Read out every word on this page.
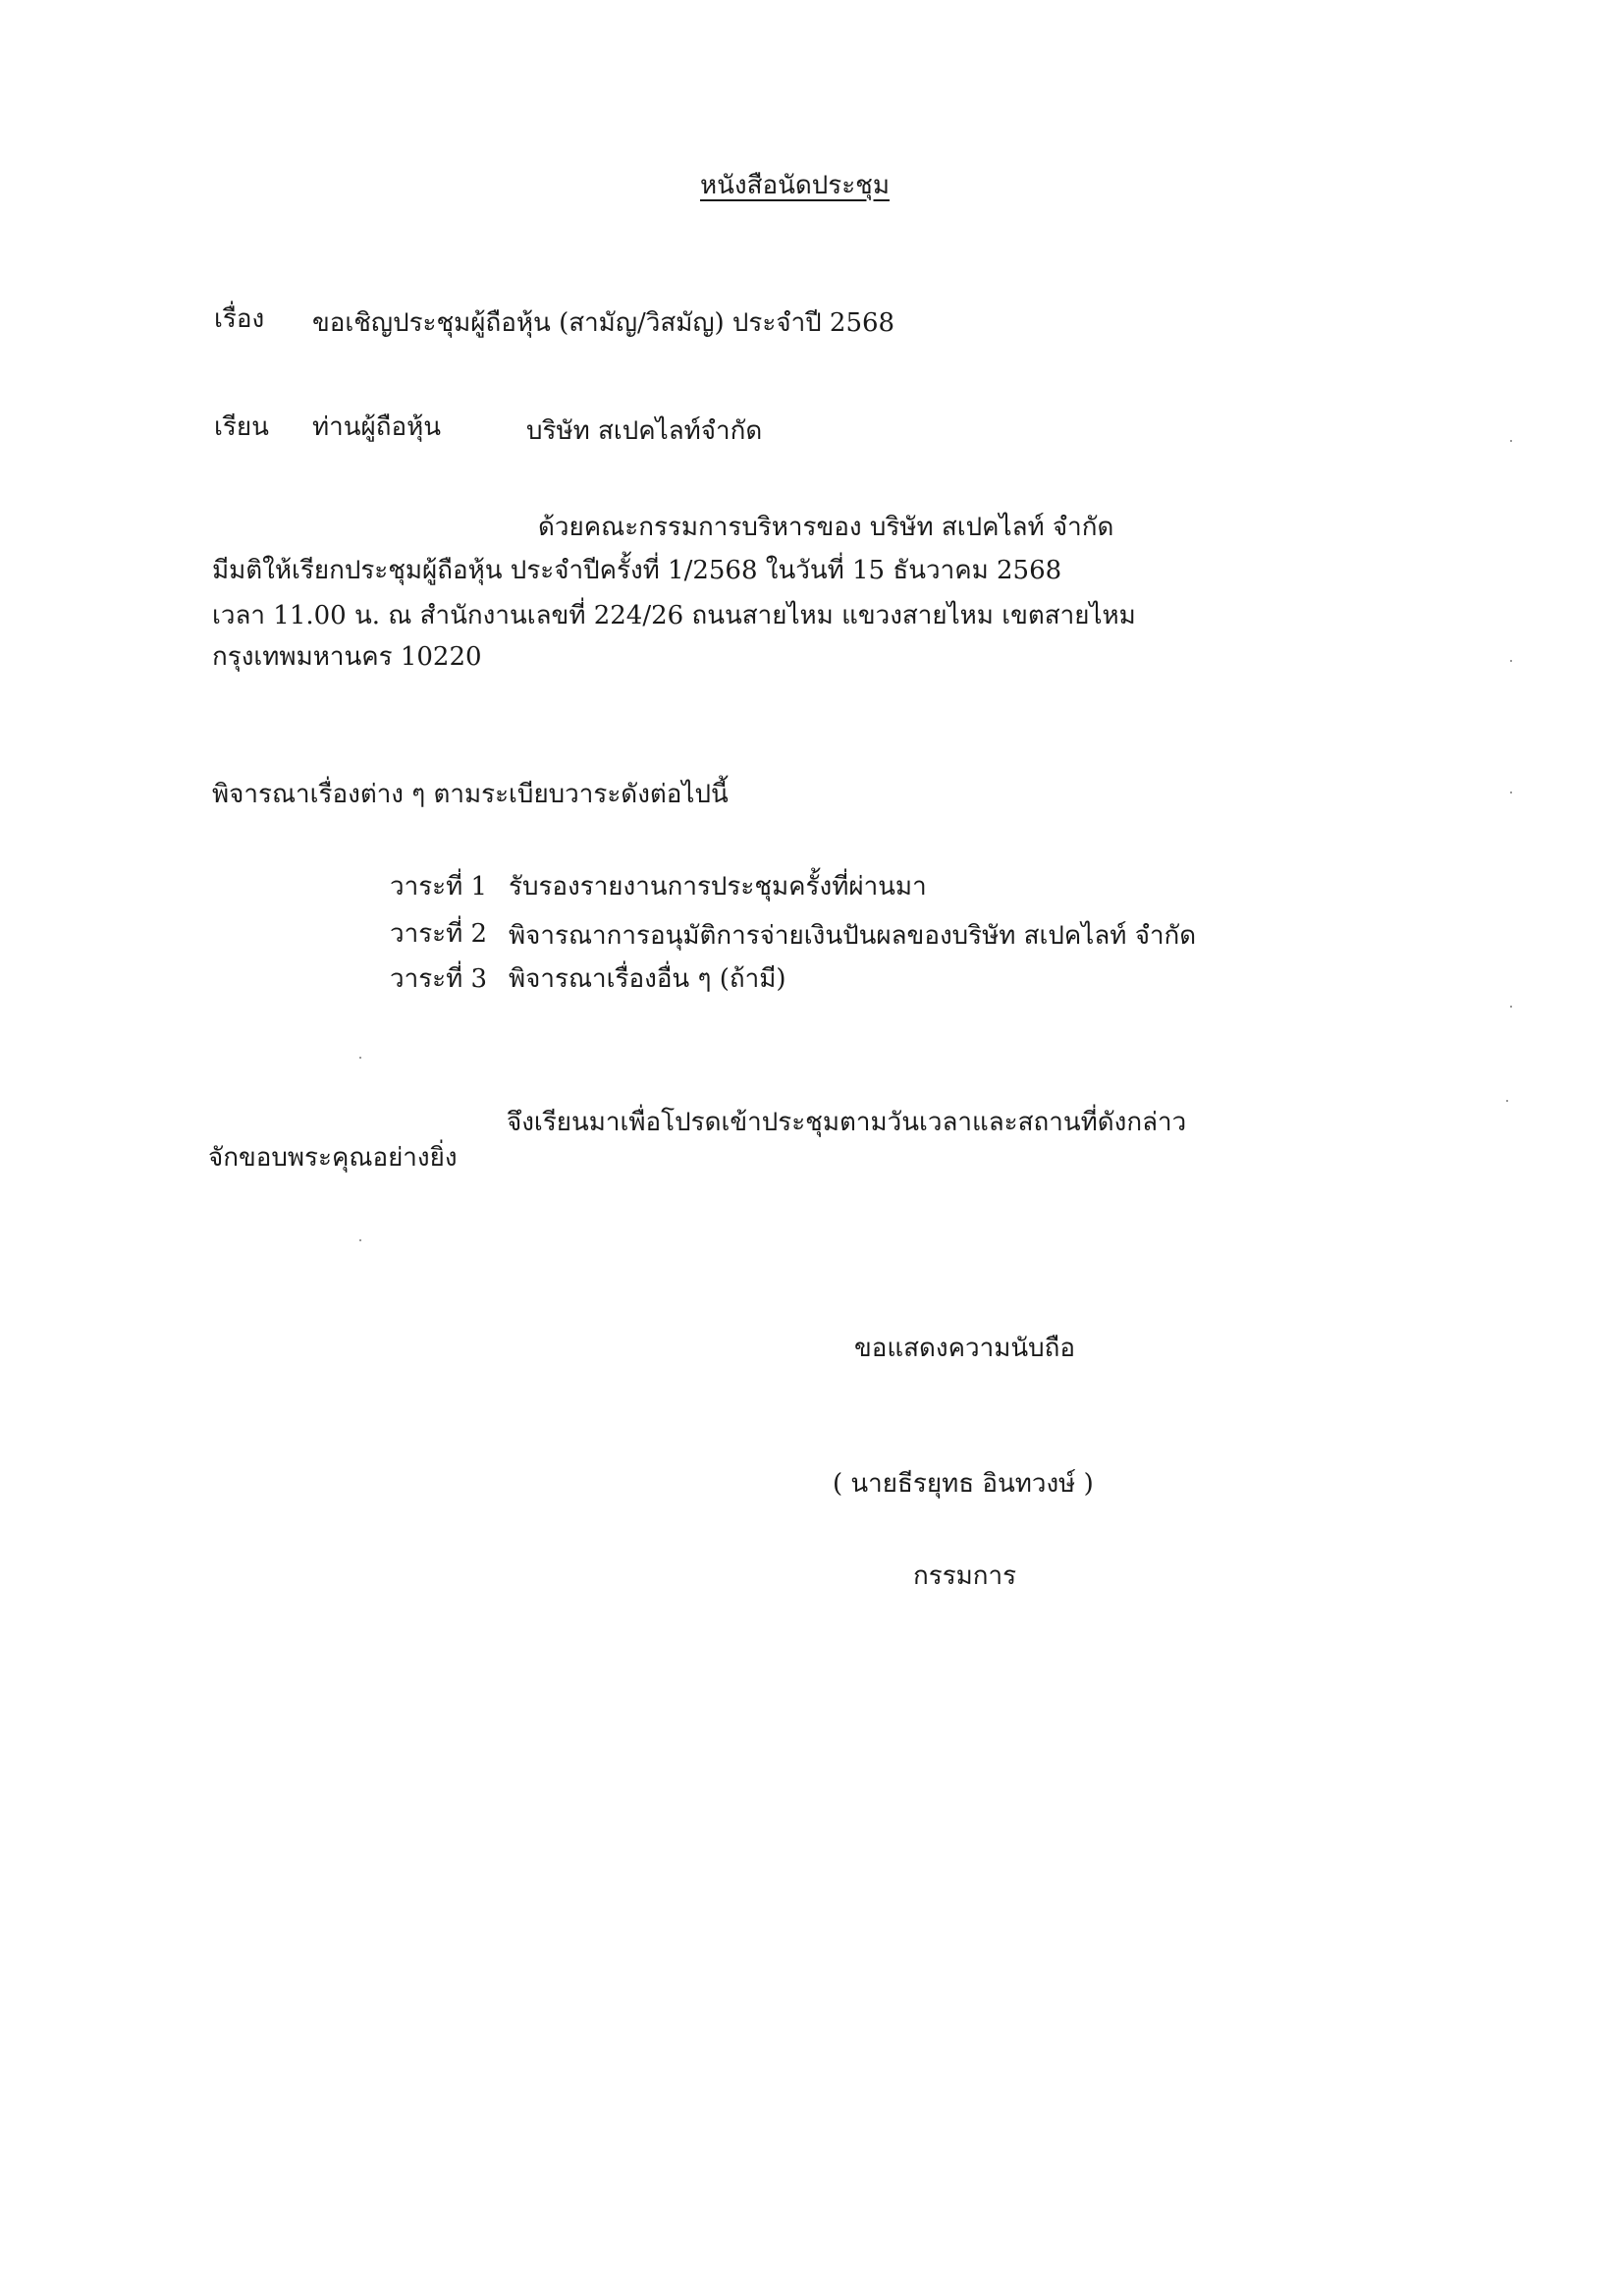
หนังสือนัดประชุม
เรื่อง ขอเชิญประชุมผู้ถือหุ้น (สามัญ/วิสมัญ) ประจำปี 2568
เรียน ท่านผู้ถือหุ้น	บริษัท สเปคไลท์จำกัด
ด้วยคณะกรรมการบริหารของ บริษัท สเปคไลท์ จำกัด
มีมติให้เรียกประชุมผู้ถือหุ้น ประจำปีครั้งที่ 1/2568 ในวันที่ 15 ธันวาคม 2568
เวลา 11.00 น. ณ สำนักงานเลขที่ 224/26 ถนนสายไหม แขวงสายไหม เขตสายไหม
กรุงเทพมหานคร 10220
พิจารณาเรื่องต่าง ๆ ตามระเบียบวาระดังต่อไปนี้
วาระที่ 1 รับรองรายงานการประชุมครั้งที่ผ่านมา
วาระที่ 2 พิจารณาการอนุมัติการจ่ายเงินปันผลของบริษัท สเปคไลท์ จำกัด
วาระที่ 3 พิจารณาเรื่องอื่น ๆ (ถ้ามี)
จึงเรียนมาเพื่อโปรดเข้าประชุมตามวันเวลาและสถานที่ดังกล่าว
จักขอบพระคุณอย่างยิ่ง
ขอแสดงความนับถือ
( นายธีรยุทธ อินทวงษ์ )
กรรมการ
